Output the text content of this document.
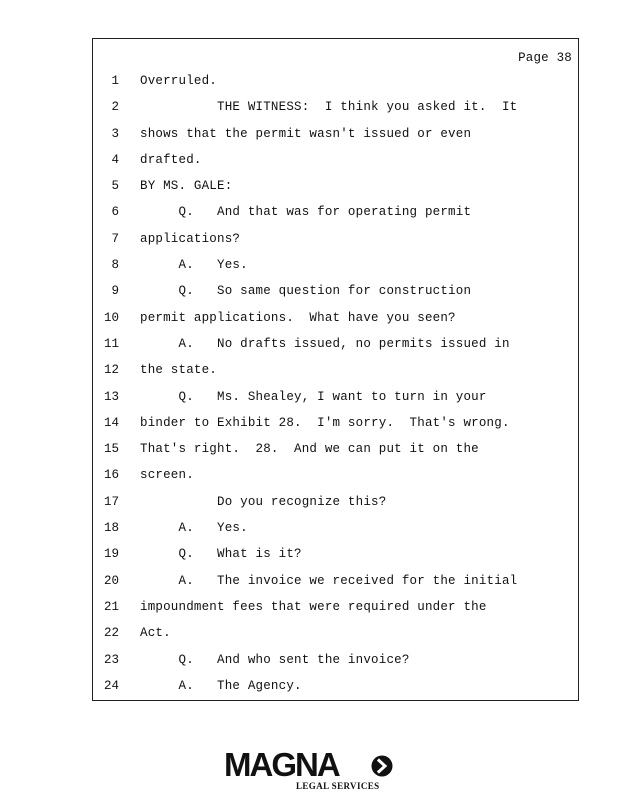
Page 38
1 Overruled.
2 THE WITNESS:  I think you asked it.  It
3 shows that the permit wasn't issued or even
4 drafted.
5 BY MS. GALE:
6 Q.   And that was for operating permit
7 applications?
8 A.   Yes.
9 Q.   So same question for construction
10 permit applications.  What have you seen?
11 A.   No drafts issued, no permits issued in
12 the state.
13 Q.   Ms. Shealey, I want to turn in your
14 binder to Exhibit 28.  I'm sorry.  That's wrong.
15 That's right.  28.  And we can put it on the
16 screen.
17 Do you recognize this?
18 A.   Yes.
19 Q.   What is it?
20 A.   The invoice we received for the initial
21 impoundment fees that were required under the
22 Act.
23 Q.   And who sent the invoice?
24 A.   The Agency.
MAGNA
LEGAL SERVICES
